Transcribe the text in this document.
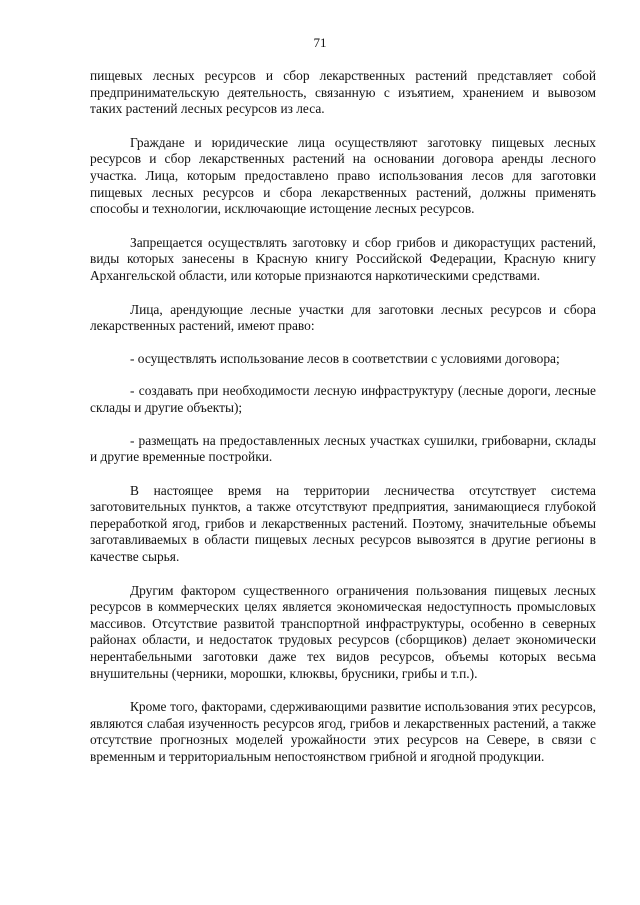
71

пищевых лесных ресурсов и сбор лекарственных растений представляет собой предпринимательскую деятельность, связанную с изъятием, хранением и вывозом таких растений лесных ресурсов из леса.

Граждане и юридические лица осуществляют заготовку пищевых лесных ресурсов и сбор лекарственных растений на основании договора аренды лесного участка. Лица, которым предоставлено право использования лесов для заготовки пищевых лесных ресурсов и сбора лекарственных растений, должны применять способы и технологии, исключающие истощение лесных ресурсов.

Запрещается осуществлять заготовку и сбор грибов и дикорастущих растений, виды которых занесены в Красную книгу Российской Федерации, Красную книгу Архангельской области, или которые признаются наркотическими средствами.

Лица, арендующие лесные участки для заготовки лесных ресурсов и сбора лекарственных растений, имеют право:

- осуществлять использование лесов в соответствии с условиями договора;

- создавать при необходимости лесную инфраструктуру (лесные дороги, лесные склады и другие объекты);

- размещать на предоставленных лесных участках сушилки, грибоварни, склады и другие временные постройки.

В настоящее время на территории лесничества отсутствует система заготовительных пунктов, а также отсутствуют предприятия, занимающиеся глубокой переработкой ягод, грибов и лекарственных растений. Поэтому, значительные объемы заготавливаемых в области пищевых лесных ресурсов вывозятся в другие регионы в качестве сырья.

Другим фактором существенного ограничения пользования пищевых лесных ресурсов в коммерческих целях является экономическая недоступность промысловых массивов. Отсутствие развитой транспортной инфраструктуры, особенно в северных районах области, и недостаток трудовых ресурсов (сборщиков) делает экономически нерентабельными заготовки даже тех видов ресурсов, объемы которых весьма внушительны (черники, морошки, клюквы, брусники, грибы и т.п.).

Кроме того, факторами, сдерживающими развитие использования этих ресурсов, являются слабая изученность ресурсов ягод, грибов и лекарственных растений, а также отсутствие прогнозных моделей урожайности этих ресурсов на Севере, в связи с временным и территориальным непостоянством грибной и ягодной продукции.
